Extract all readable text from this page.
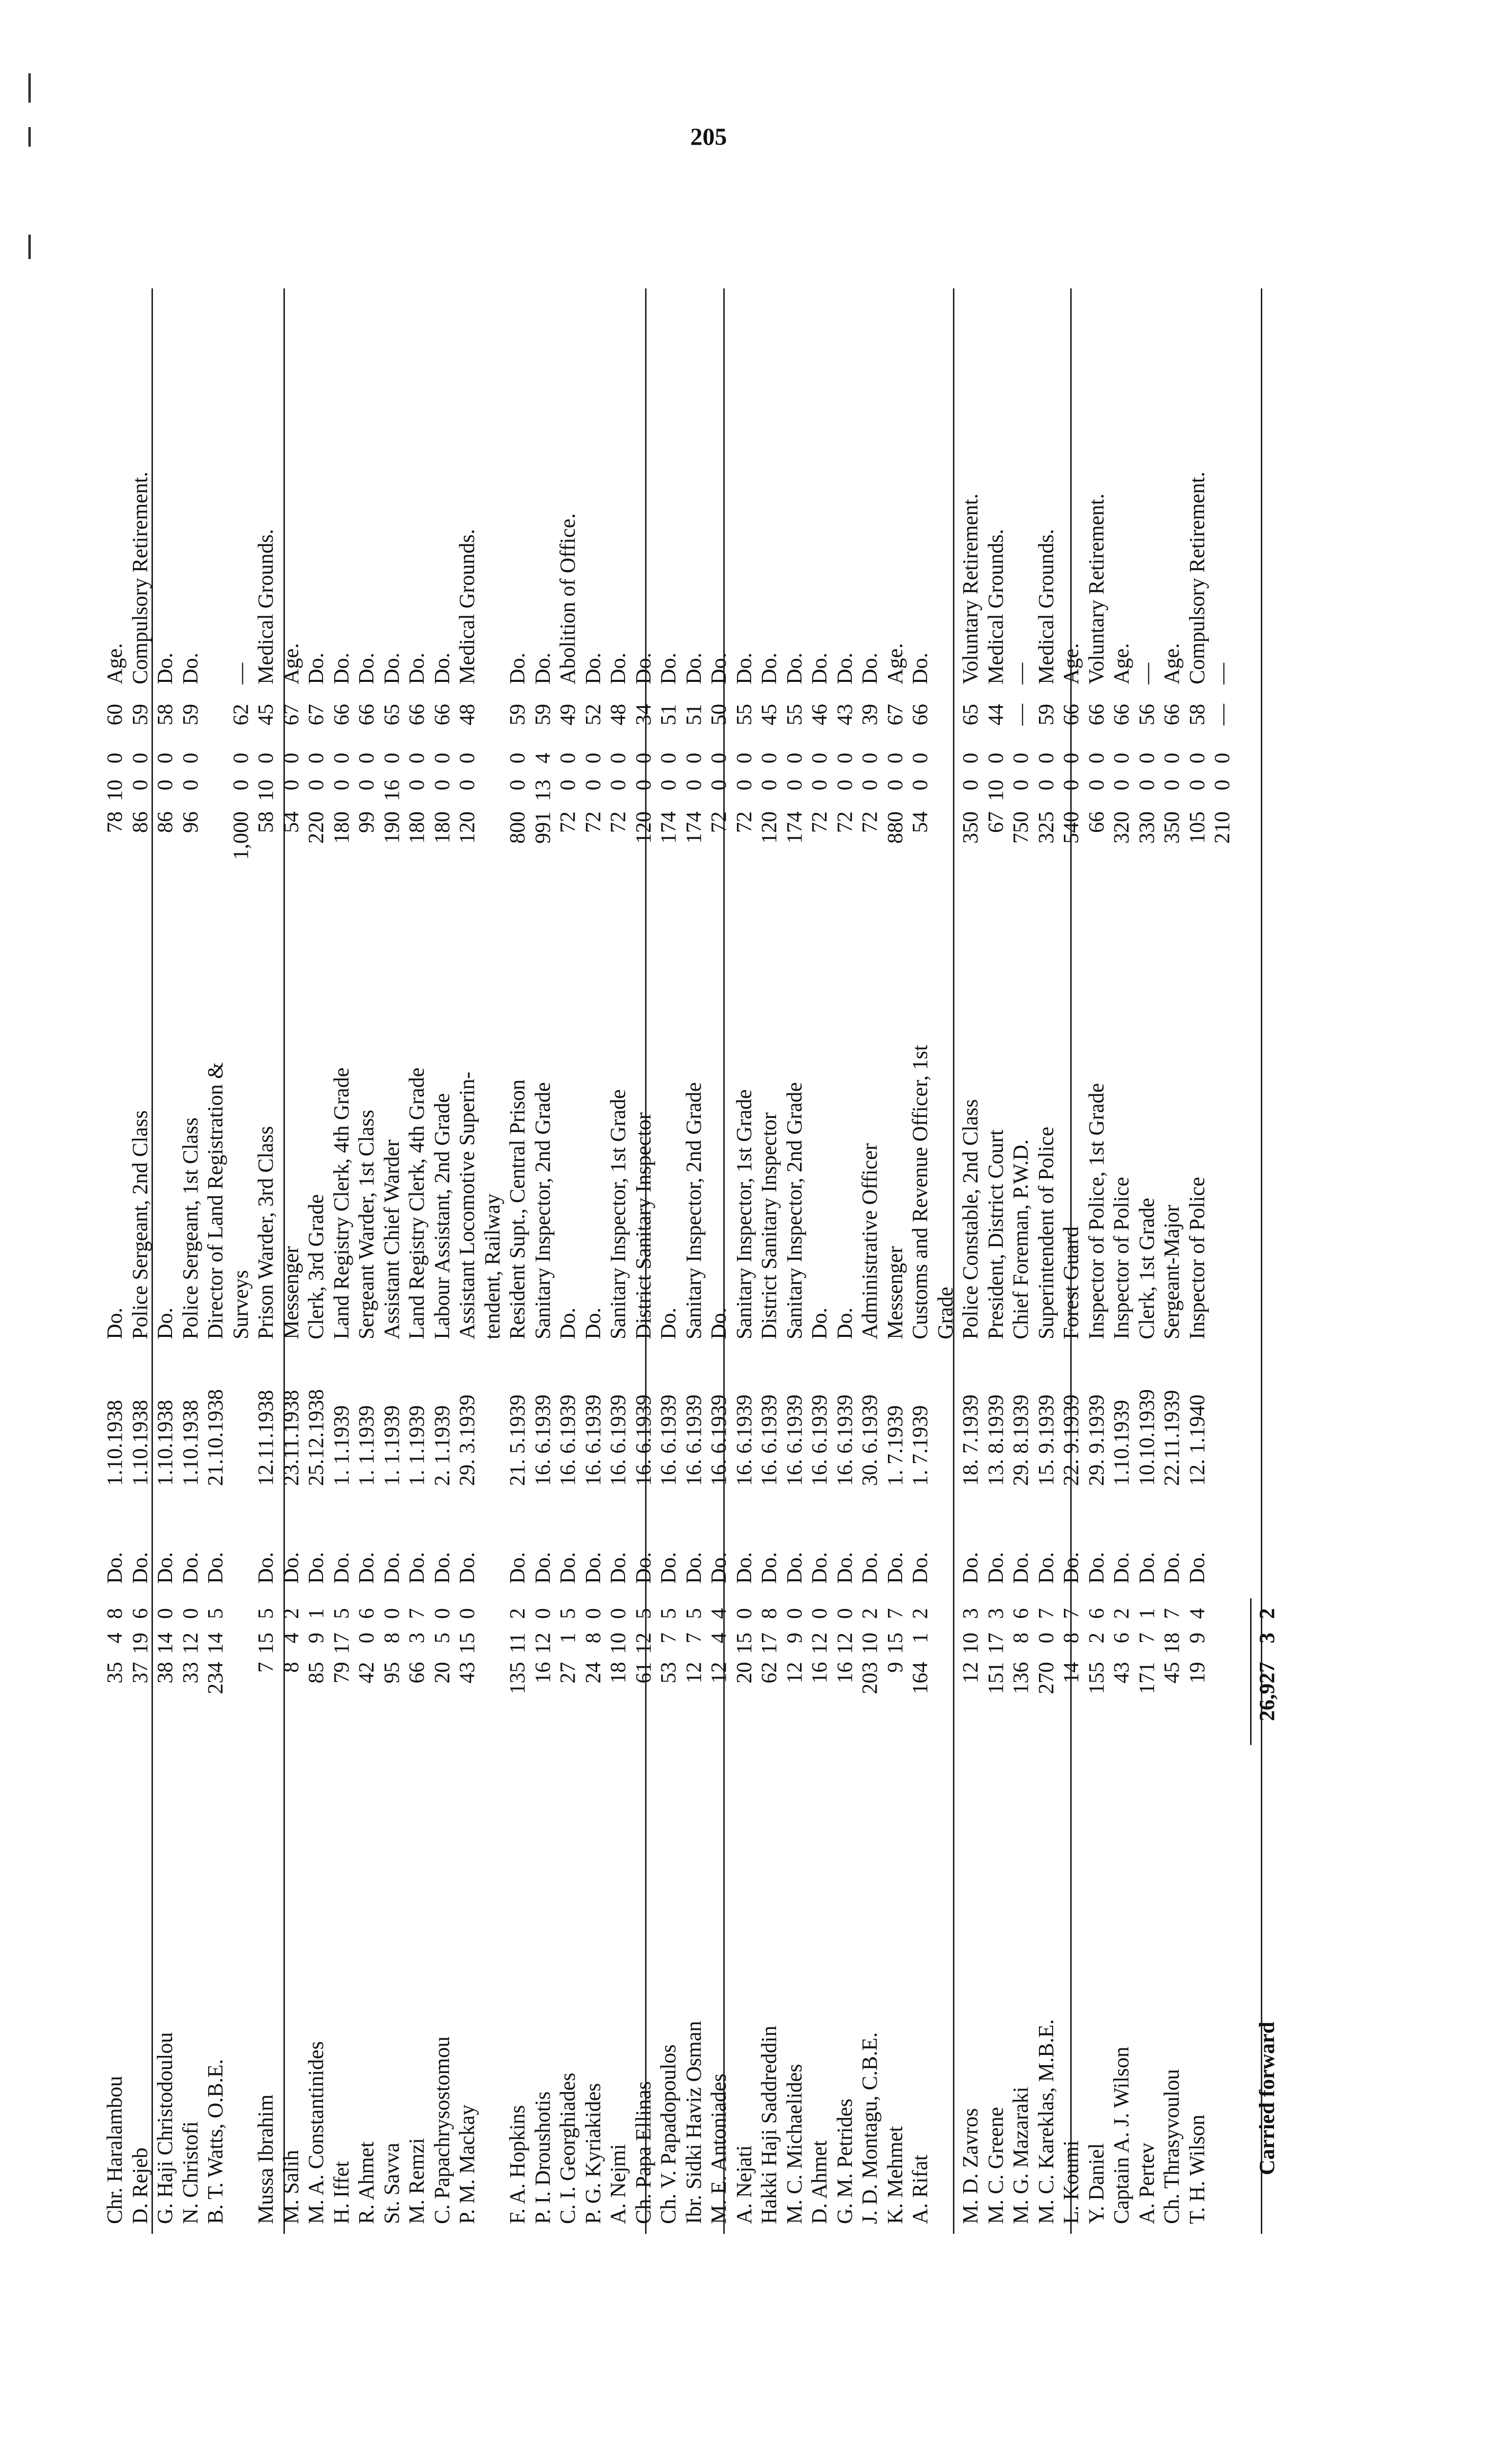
205
Chr. Haralambou
35
4
8
Do.
1.10.1938
Do.
78
10
0
60
Age.
D. Rejeb
37
19
6
Do.
1.10.1938
Police Sergeant, 2nd Class
86
0
0
59
Compulsory Retirement.
G. Haji Christodoulou
38
14
0
Do.
1.10.1938
Do.
86
0
0
58
Do.
N. Christofi
33
12
0
Do.
1.10.1938
Police Sergeant, 1st Class
96
0
0
59
Do.
B. T. Watts, O.B.E.
234
14
5
Do.
21.10.1938
Director of Land Registration & Surveys
1,000
0
0
62
—
Mussa Ibrahim
7
15
5
Do.
12.11.1938
Prison Warder, 3rd Class
58
10
0
45
Medical Grounds.
M. Salih
8
4
2
Do.
23.11.1938
Messenger
54
0
0
67
Age.
M. A. Constantinides
85
9
1
Do.
25.12.1938
Clerk, 3rd Grade
220
0
0
67
Do.
H. Iffet
79
17
5
Do.
1. 1.1939
Land Registry Clerk, 4th Grade
180
0
0
66
Do.
R. Ahmet
42
0
6
Do.
1. 1.1939
Sergeant Warder, 1st Class
99
0
0
66
Do.
St. Savva
95
8
0
Do.
1. 1.1939
Assistant Chief Warder
190
16
0
65
Do.
M. Remzi
66
3
7
Do.
1. 1.1939
Land Registry Clerk, 4th Grade
180
0
0
66
Do.
C. Papachrysostomou
20
5
0
Do.
2. 1.1939
Labour Assistant, 2nd Grade
180
0
0
66
Do.
P. M. Mackay
43
15
0
Do.
29. 3.1939
Assistant Locomotive Superin-
120
0
0
48
Medical Grounds.
tendent, Railway
F. A. Hopkins
135
11
2
Do.
21. 5.1939
Resident Supt., Central Prison
800
0
0
59
Do.
P. I. Droushotis
16
12
0
Do.
16. 6.1939
Sanitary Inspector, 2nd Grade
991
13
4
59
Do.
C. I. Georghiades
27
1
5
Do.
16. 6.1939
Do.
72
0
0
49
Abolition of Office.
P. G. Kyriakides
24
8
0
Do.
16. 6.1939
Do.
72
0
0
52
Do.
A. Nejmi
18
10
0
Do.
16. 6.1939
Sanitary Inspector, 1st Grade
72
0
0
48
Do.
Ch. Papa Ellinas
61
12
5
Do.
16. 6.1939
District Sanitary Inspector
120
0
0
34
Do.
Ch. V. Papadopoulos
53
7
5
Do.
16. 6.1939
Do.
174
0
0
51
Do.
Ibr. Sidki Haviz Osman
12
7
5
Do.
16. 6.1939
Sanitary Inspector, 2nd Grade
174
0
0
51
Do.
M. E. Antoniades
12
4
4
Do.
16. 6.1939
Do.
72
0
0
50
Do.
A. Nejati
20
15
0
Do.
16. 6.1939
Sanitary Inspector, 1st Grade
72
0
0
55
Do.
Hakki Haji Saddreddin
62
17
8
Do.
16. 6.1939
District Sanitary Inspector
120
0
0
45
Do.
M. C. Michaelides
12
9
0
Do.
16. 6.1939
Sanitary Inspector, 2nd Grade
174
0
0
55
Do.
D. Ahmet
16
12
0
Do.
16. 6.1939
Do.
72
0
0
46
Do.
G. M. Petrides
16
12
0
Do.
16. 6.1939
Do.
72
0
0
43
Do.
J. D. Montagu, C.B.E.
203
10
2
Do.
30. 6.1939
Administrative Officer
72
0
0
39
Do.
K. Mehmet
9
15
7
Do.
1. 7.1939
Messenger
880
0
0
67
Age.
A. Rifat
164
1
2
Do.
1. 7.1939
Customs and Revenue Officer, 1st
54
0
0
66
Do.
Grade
M. D. Zavros
12
10
3
Do.
18. 7.1939
Police Constable, 2nd Class
350
0
0
65
Voluntary Retirement.
M. C. Greene
151
17
3
Do.
13. 8.1939
President, District Court
67
10
0
44
Medical Grounds.
M. G. Mazaraki
136
8
6
Do.
29. 8.1939
Chief Foreman, P.W.D.
750
0
0
—
—
M. C. Kareklas, M.B.E.
270
0
7
Do.
15. 9.1939
Superintendent of Police
325
0
0
59
Medical Grounds.
L. Koumi
14
8
7
Do.
22. 9.1939
Forest Guard
540
0
0
66
Age.
Y. Daniel
155
2
6
Do.
29. 9.1939
Inspector of Police, 1st Grade
66
0
0
66
Voluntary Retirement.
Captain A. J. Wilson
43
6
2
Do.
1.10.1939
Inspector of Police
320
0
0
66
Age.
A. Pertev
171
7
1
Do.
10.10.1939
Clerk, 1st Grade
330
0
0
56
—
Ch. Thrasyvoulou
45
18
7
Do.
22.11.1939
Sergeant-Major
350
0
0
66
Age.
T. H. Wilson
19
9
4
Do.
12. 1.1940
Inspector of Police
105
0
0
58
Compulsory Retirement.
210
0
0
—
—
Carried forward
26,927
3
2
